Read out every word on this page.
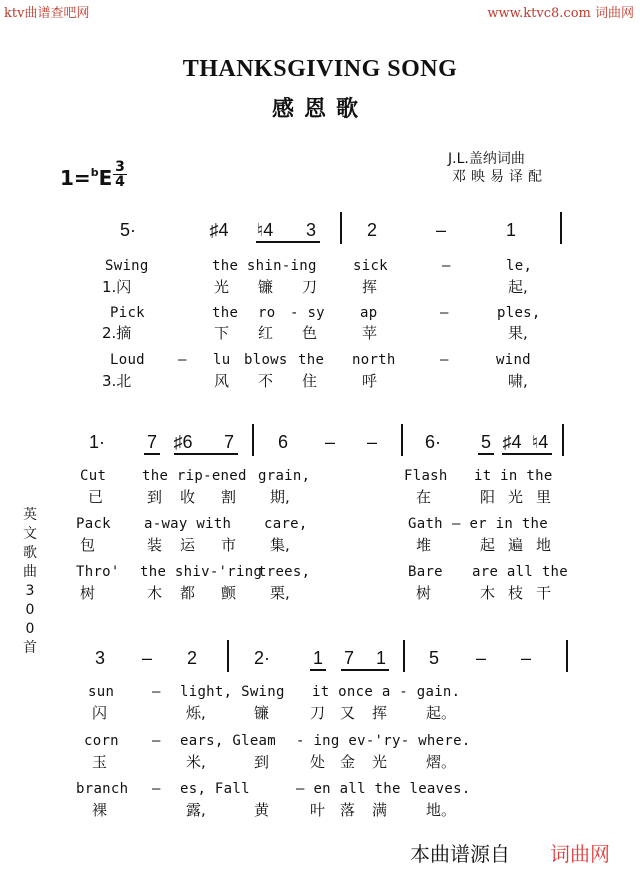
ktv曲谱查吧网	www.ktvc8.com 词曲网
THANKSGIVING SONG
感恩歌
J.L.盖纳词曲
邓映易译配
1=$^b$E 3
4
5·	♯4 ♮4 3	2	–	1
Swing	the shin-ing	sick	–	le,
1.闪	光 镰 刀	挥	起,
Pick	the ro - sy	ap	–	ples,
2.摘	下 红 色	苹	果,
Loud – lu blows the north	–	wind
3.北	风 不 住	呼	啸,
1· 7 ♯6 7 6 – –	6· 5 ♯4 ♮4
Cut	the rip-ened grain,	Flash it in the
已	到 收 割 期,	在	阳 光 里
Pack a-way with care,	Gath – er in the
包	装 运 市 集,	堆	起 遍 地
Thro' the shiv-'ring
trees,	Bare are all the
树	木 都 颤 栗,	树	木 枝 干
3 – 2	2· 1 7 1 5 – –
sun	– light, Swing it once a - gain.
闪	烁,	镰	刀 又 挥	起。
corn – ears, Gleam - ing ev-'ry- where.
玉	米,	到	处 金 光	熠。
branch – es, Fall	– en all the leaves.
裸	露,	黄	叶 落 满	地。
英文歌曲300首
本曲谱源自 词曲网
